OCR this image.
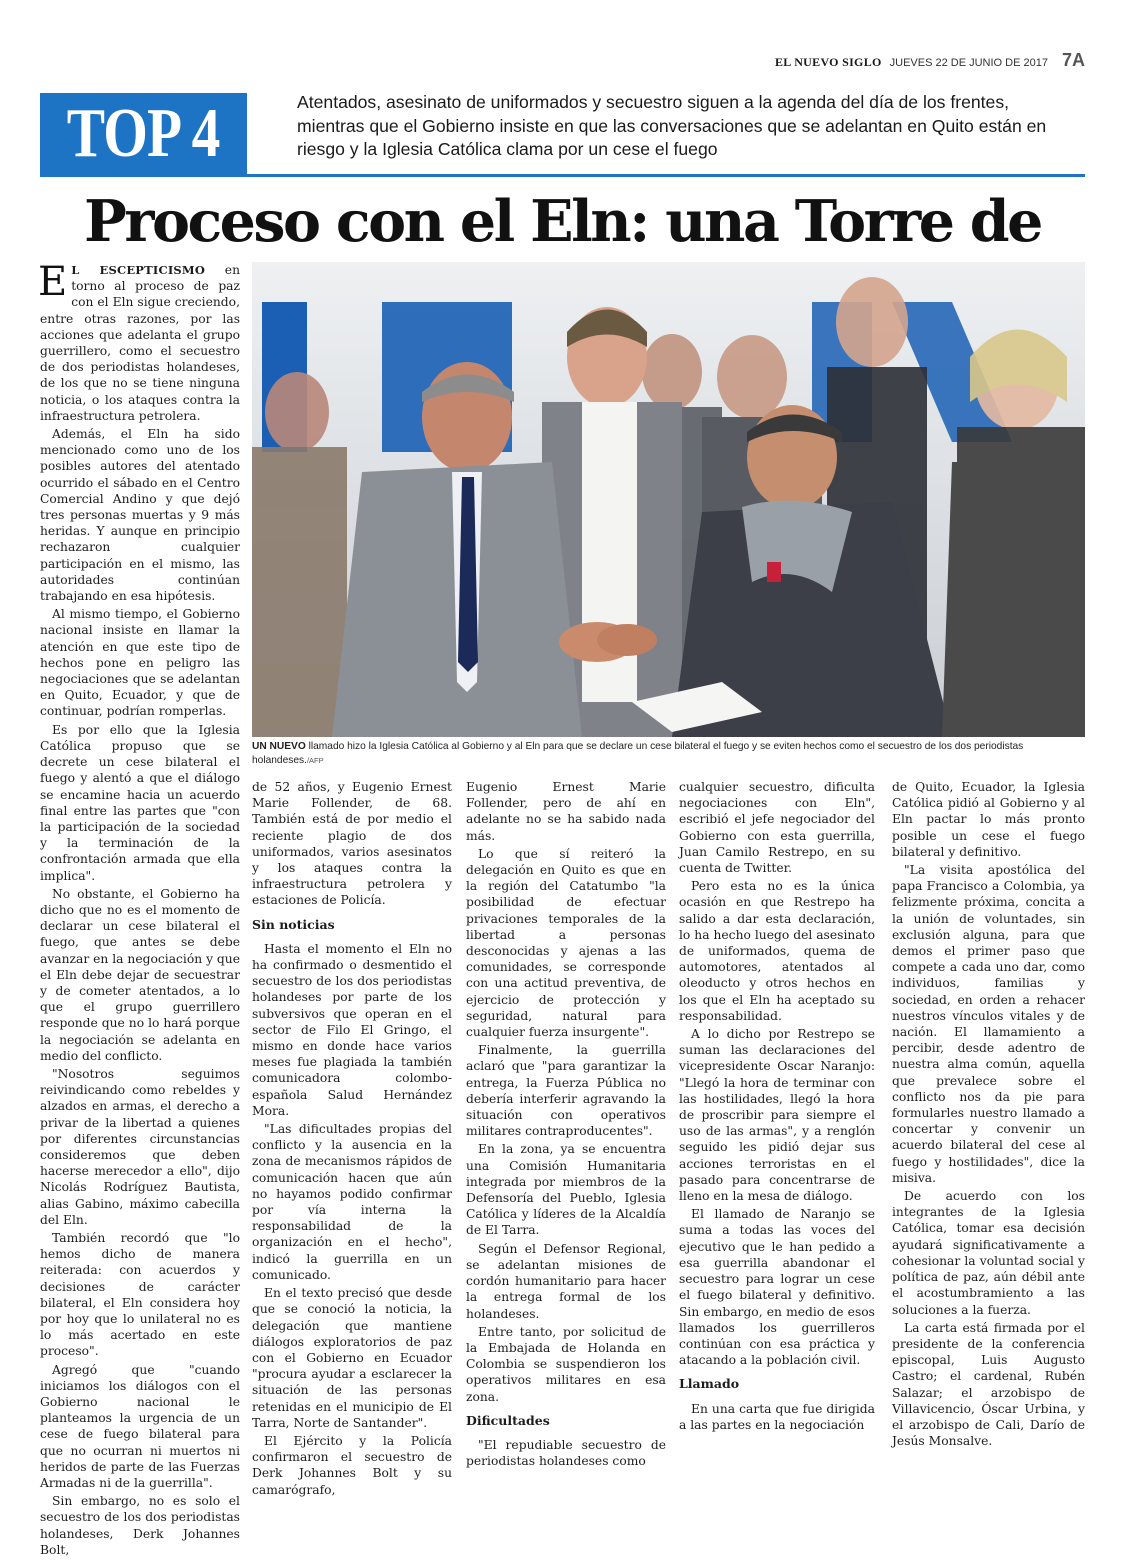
EL NUEVO SIGLO JUEVES 22 DE JUNIO DE 2017 7A
TOP 4	Atentados, asesinato de uniformados y secuestro siguen a la agenda del día de los frentes, mientras que el Gobierno insiste en que las conversaciones que se adelantan en Quito están en riesgo y la Iglesia Católica clama por un cese el fuego
Proceso con el Eln: una Torre de
UN NUEVO llamado hizo la Iglesia Católica al Gobierno y al Eln para que se declare un cese bilateral el fuego y se eviten hechos como el secuestro de los dos periodistas holandeses./AFP

E L ESCEPTICISMO en torno al proceso de paz con el Eln sigue creciendo, entre otras razones, por las acciones que adelanta el grupo guerrillero, como el secuestro de dos periodistas holandeses, de los que no se tiene ninguna noticia, o los ataques contra la infraestructura petrolera.

Además, el Eln ha sido mencionado como uno de los posibles autores del atentado ocurrido el sábado en el Centro Comercial Andino y que dejó tres personas muertas y 9 más heridas. Y aunque en principio rechazaron cualquier participación en el mismo, las autoridades continúan trabajando en esa hipótesis.

Al mismo tiempo, el Gobierno nacional insiste en llamar la atención en que este tipo de hechos pone en peligro las negociaciones que se adelantan en Quito, Ecuador, y que de continuar, podrían romperlas.

Es por ello que la Iglesia Católica propuso que se decrete un cese bilateral el fuego y alentó a que el diálogo se encamine hacia un acuerdo final entre las partes que "con la participación de la sociedad y la terminación de la confrontación armada que ella implica".

No obstante, el Gobierno ha dicho que no es el momento de declarar un cese bilateral el fuego, que antes se debe avanzar en la negociación y que el Eln debe dejar de secuestrar y de cometer atentados, a lo que el grupo guerrillero responde que no lo hará porque la negociación se adelanta en medio del conflicto.

"Nosotros seguimos reivindicando como rebeldes y alzados en armas, el derecho a privar de la libertad a quienes por diferentes circunstancias consideremos que deben hacerse merecedor a ello", dijo Nicolás Rodríguez Bautista, alias Gabino, máximo cabecilla del Eln.

También recordó que "lo hemos dicho de manera reiterada: con acuerdos y decisiones de carácter bilateral, el Eln considera hoy por hoy que lo unilateral no es lo más acertado en este proceso".

Agregó que "cuando iniciamos los diálogos con el Gobierno nacional le planteamos la urgencia de un cese de fuego bilateral para que no ocurran ni muertos ni heridos de parte de las Fuerzas Armadas ni de la guerrilla".

Sin embargo, no es solo el secuestro de los dos periodistas holandeses, Derk Johannes Bolt,

de 52 años, y Eugenio Ernest Marie Follender, de 68. También está de por medio el reciente plagio de dos uniformados, varios asesinatos y los ataques contra la infraestructura petrolera y estaciones de Policía.

Sin noticias

Hasta el momento el Eln no ha confirmado o desmentido el secuestro de los dos periodistas holandeses por parte de los subversivos que operan en el sector de Filo El Gringo, el mismo en donde hace varios meses fue plagiada la también comunicadora colombo-española Salud Hernández Mora.

"Las dificultades propias del conflicto y la ausencia en la zona de mecanismos rápidos de comunicación hacen que aún no hayamos podido confirmar por vía interna la responsabilidad de la organización en el hecho", indicó la guerrilla en un comunicado.

En el texto precisó que desde que se conoció la noticia, la delegación que mantiene diálogos exploratorios de paz con el Gobierno en Ecuador "procura ayudar a esclarecer la situación de las personas retenidas en el municipio de El Tarra, Norte de Santander".

El Ejército y la Policía confirmaron el secuestro de Derk Johannes Bolt y su camarógrafo,

Eugenio Ernest Marie Follender, pero de ahí en adelante no se ha sabido nada más.

Lo que sí reiteró la delegación en Quito es que en la región del Catatumbo "la posibilidad de efectuar privaciones temporales de la libertad a personas desconocidas y ajenas a las comunidades, se corresponde con una actitud preventiva, de ejercicio de protección y seguridad, natural para cualquier fuerza insurgente".

Finalmente, la guerrilla aclaró que "para garantizar la entrega, la Fuerza Pública no debería interferir agravando la situación con operativos militares contraproducentes".

En la zona, ya se encuentra una Comisión Humanitaria integrada por miembros de la Defensoría del Pueblo, Iglesia Católica y líderes de la Alcaldía de El Tarra.

Según el Defensor Regional, se adelantan misiones de cordón humanitario para hacer la entrega formal de los holandeses.

Entre tanto, por solicitud de la Embajada de Holanda en Colombia se suspendieron los operativos militares en esa zona.

Dificultades

"El repudiable secuestro de periodistas holandeses como

cualquier secuestro, dificulta negociaciones con Eln", escribió el jefe negociador del Gobierno con esta guerrilla, Juan Camilo Restrepo, en su cuenta de Twitter.

Pero esta no es la única ocasión en que Restrepo ha salido a dar esta declaración, lo ha hecho luego del asesinato de uniformados, quema de automotores, atentados al oleoducto y otros hechos en los que el Eln ha aceptado su responsabilidad.

A lo dicho por Restrepo se suman las declaraciones del vicepresidente Oscar Naranjo: "Llegó la hora de terminar con las hostilidades, llegó la hora de proscribir para siempre el uso de las armas", y a renglón seguido les pidió dejar sus acciones terroristas en el pasado para concentrarse de lleno en la mesa de diálogo.

El llamado de Naranjo se suma a todas las voces del ejecutivo que le han pedido a esa guerrilla abandonar el secuestro para lograr un cese el fuego bilateral y definitivo. Sin embargo, en medio de esos llamados los guerrilleros continúan con esa práctica y atacando a la población civil.

Llamado

En una carta que fue dirigida a las partes en la negociación

de Quito, Ecuador, la Iglesia Católica pidió al Gobierno y al Eln pactar lo más pronto posible un cese el fuego bilateral y definitivo.

"La visita apostólica del papa Francisco a Colombia, ya felizmente próxima, concita a la unión de voluntades, sin exclusión alguna, para que demos el primer paso que compete a cada uno dar, como individuos, familias y sociedad, en orden a rehacer nuestros vínculos vitales y de nación. El llamamiento a percibir, desde adentro de nuestra alma común, aquella que prevalece sobre el conflicto nos da pie para formularles nuestro llamado a concertar y convenir un acuerdo bilateral del cese al fuego y hostilidades", dice la misiva.

De acuerdo con los integrantes de la Iglesia Católica, tomar esa decisión ayudará significativamente a cohesionar la voluntad social y política de paz, aún débil ante el acostumbramiento a las soluciones a la fuerza.

La carta está firmada por el presidente de la conferencia episcopal, Luis Augusto Castro; el cardenal, Rubén Salazar; el arzobispo de Villavicencio, Óscar Urbina, y el arzobispo de Cali, Darío de Jesús Monsalve.
